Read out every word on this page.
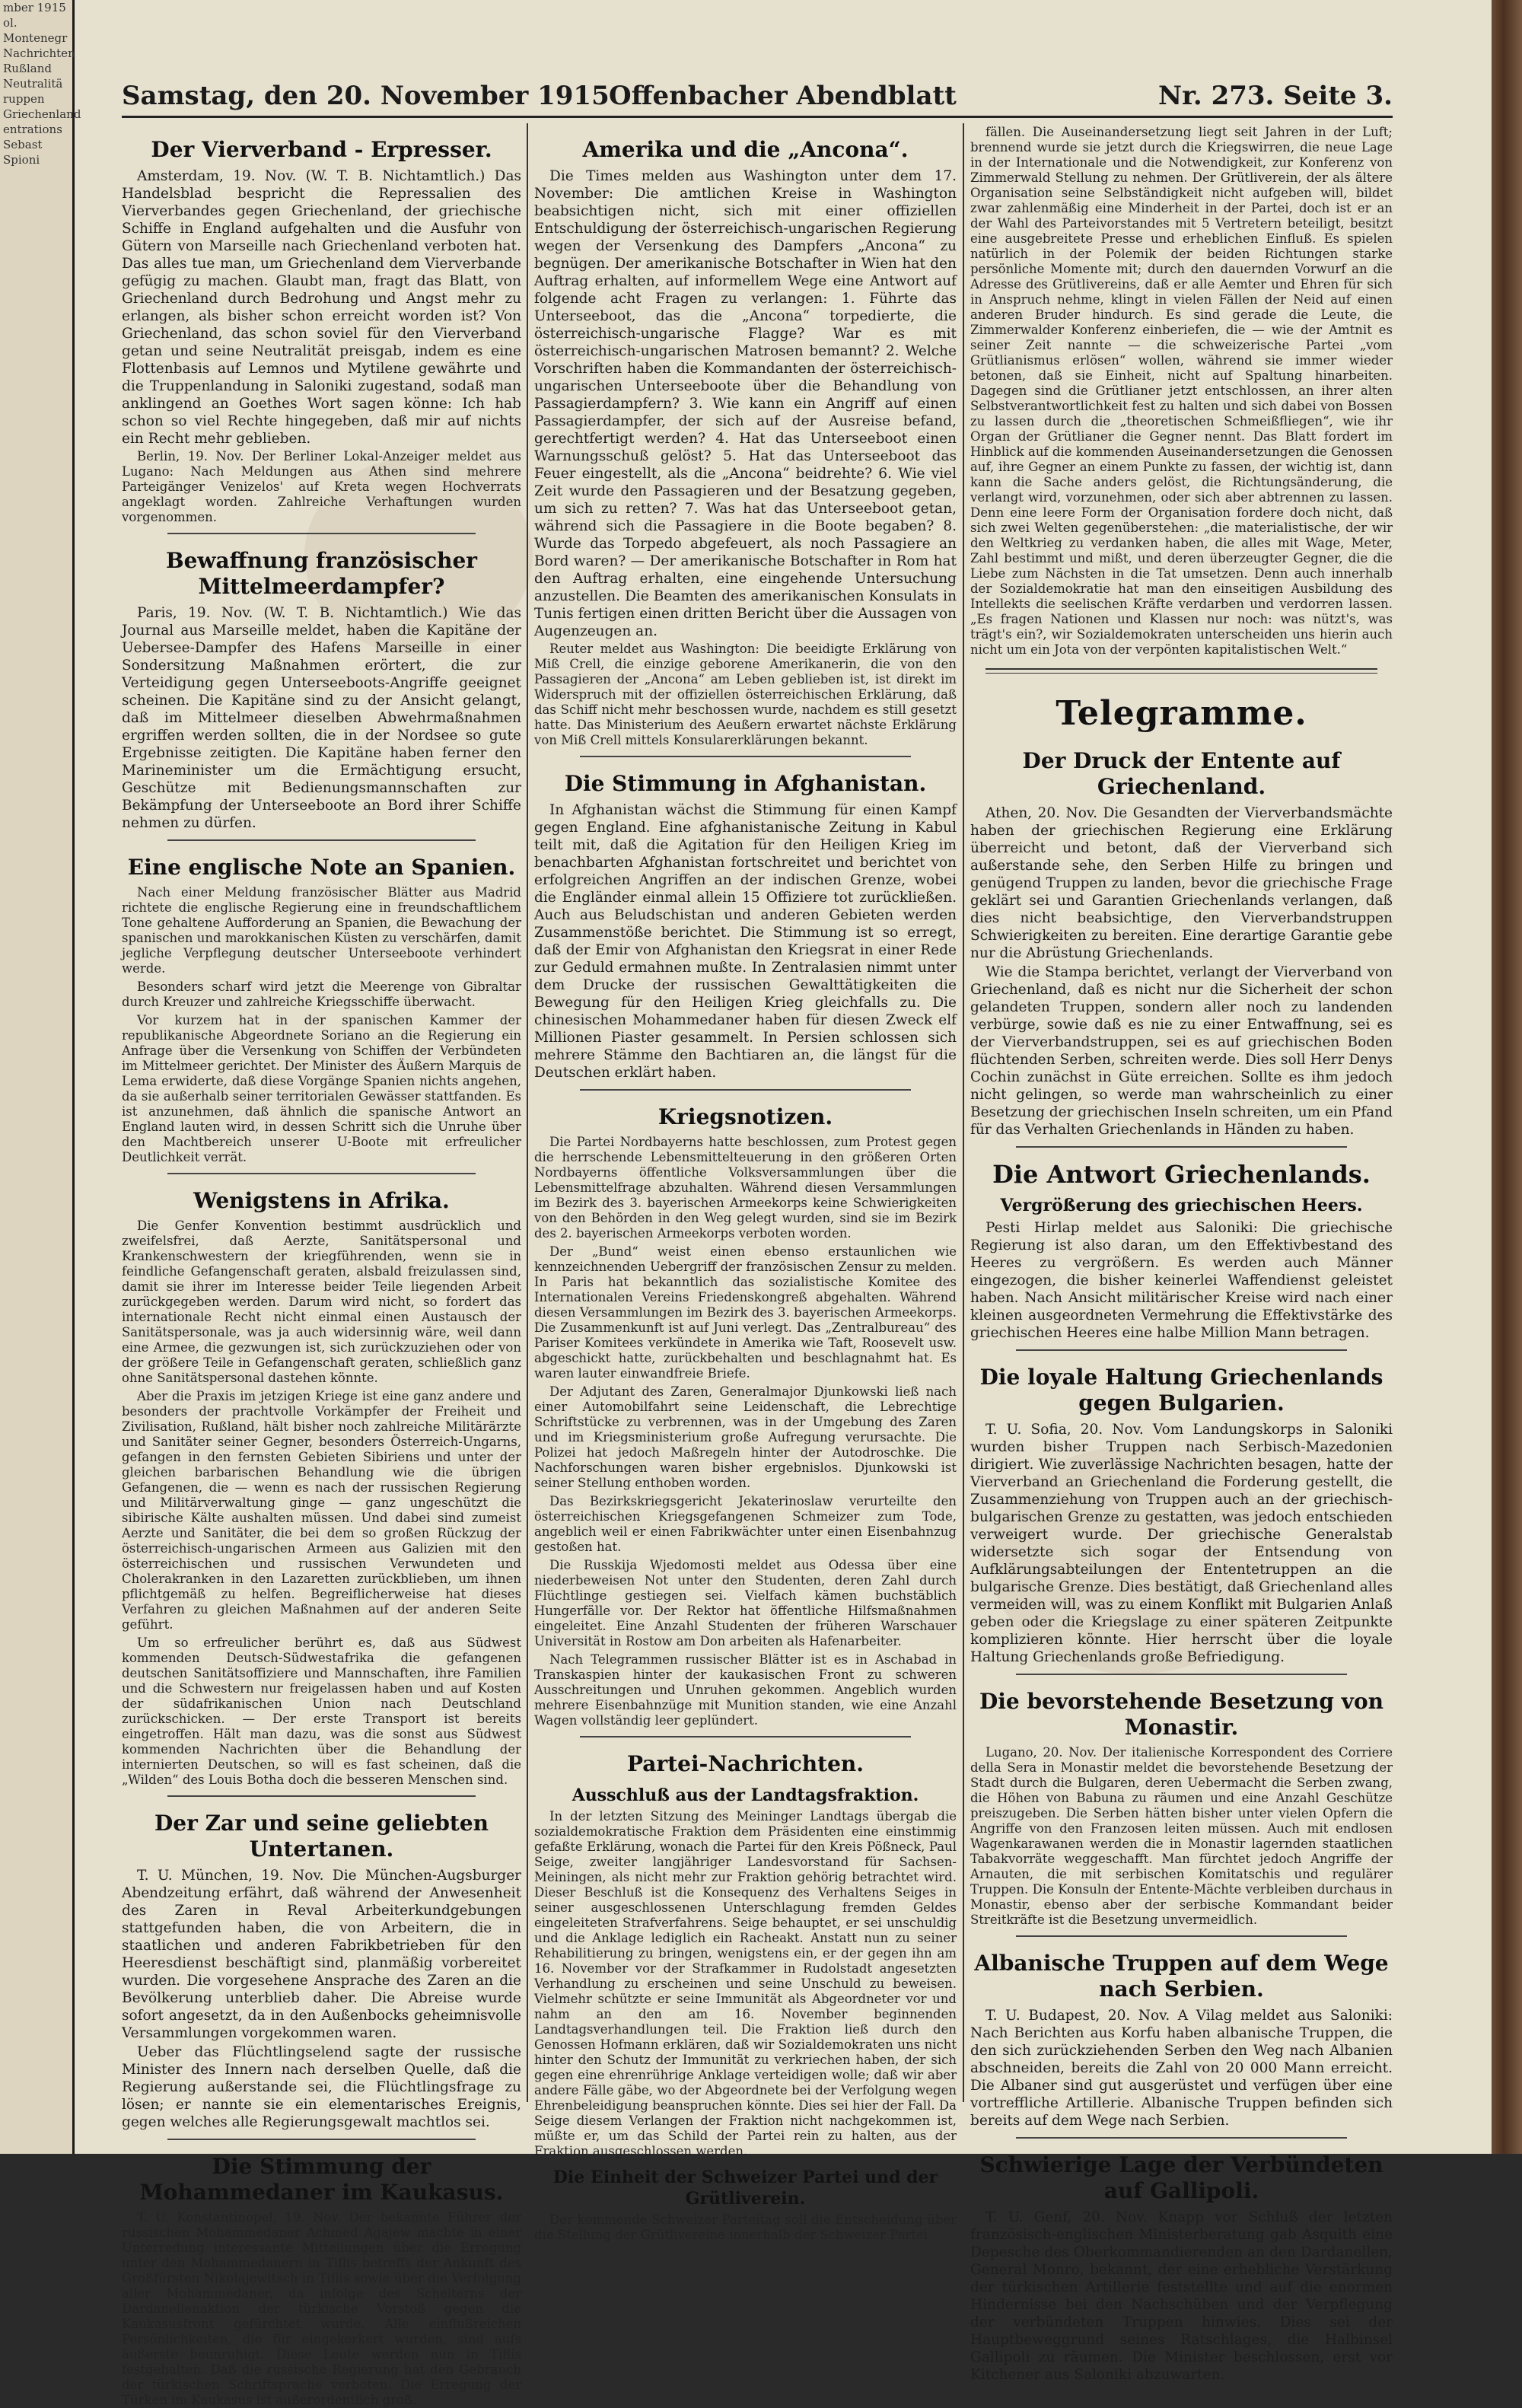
mber 1915

ol.

Montenegr

Nachrichten

Rußland

Neutralitä

ruppen

Griechenland

entrations

Sebast

Spioni

Samstag, den 20. November 1915 Offenbacher Abendblatt	Nr. 273. Seite 3.
Der Vierverband - Erpresser.

Amsterdam, 19. Nov. (W. T. B. Nichtamtlich.) Das Handelsblad bespricht die Repressalien des Vierverbandes gegen Griechenland, der griechische Schiffe in England aufgehalten und die Ausfuhr von Gütern von Marseille nach Griechenland verboten hat. Das alles tue man, um Griechenland dem Vierverbande gefügig zu machen. Glaubt man, fragt das Blatt, von Griechenland durch Bedrohung und Angst mehr zu erlangen, als bisher schon erreicht worden ist? Von Griechenland, das schon soviel für den Vierverband getan und seine Neutralität preisgab, indem es eine Flottenbasis auf Lemnos und Mytilene gewährte und die Truppenlandung in Saloniki zugestand, sodaß man anklingend an Goethes Wort sagen könne: Ich hab schon so viel Rechte hingegeben, daß mir auf nichts ein Recht mehr geblieben.

Berlin, 19. Nov. Der Berliner Lokal-Anzeiger meldet aus Lugano: Nach Meldungen aus Athen sind mehrere Parteigänger Venizelos' auf Kreta wegen Hochverrats angeklagt worden. Zahlreiche Verhaftungen wurden vorgenommen.

Bewaffnung französischer Mittelmeerdampfer?

Paris, 19. Nov. (W. T. B. Nichtamtlich.) Wie das Journal aus Marseille meldet, haben die Kapitäne der Uebersee-Dampfer des Hafens Marseille in einer Sondersitzung Maßnahmen erörtert, die zur Verteidigung gegen Unterseeboots-Angriffe geeignet scheinen. Die Kapitäne sind zu der Ansicht gelangt, daß im Mittelmeer dieselben Abwehrmaßnahmen ergriffen werden sollten, die in der Nordsee so gute Ergebnisse zeitigten. Die Kapitäne haben ferner den Marineminister um die Ermächtigung ersucht, Geschütze mit Bedienungsmannschaften zur Bekämpfung der Unterseeboote an Bord ihrer Schiffe nehmen zu dürfen.

Eine englische Note an Spanien.

Nach einer Meldung französischer Blätter aus Madrid richtete die englische Regierung eine in freundschaftlichem Tone gehaltene Aufforderung an Spanien, die Bewachung der spanischen und marokkanischen Küsten zu verschärfen, damit jegliche Verpflegung deutscher Unterseeboote verhindert werde.

Besonders scharf wird jetzt die Meerenge von Gibraltar durch Kreuzer und zahlreiche Kriegsschiffe überwacht.

Vor kurzem hat in der spanischen Kammer der republikanische Abgeordnete Soriano an die Regierung ein Anfrage über die Versenkung von Schiffen der Verbündeten im Mittelmeer gerichtet. Der Minister des Äußern Marquis de Lema erwiderte, daß diese Vorgänge Spanien nichts angehen, da sie außerhalb seiner territorialen Gewässer stattfanden. Es ist anzunehmen, daß ähnlich die spanische Antwort an England lauten wird, in dessen Schritt sich die Unruhe über den Machtbereich unserer U-Boote mit erfreulicher Deutlichkeit verrät.

Wenigstens in Afrika.

Die Genfer Konvention bestimmt ausdrücklich und zweifelsfrei, daß Aerzte, Sanitätspersonal und Krankenschwestern der kriegführenden, wenn sie in feindliche Gefangenschaft geraten, alsbald freizulassen sind, damit sie ihrer im Interesse beider Teile liegenden Arbeit zurückgegeben werden. Darum wird nicht, so fordert das internationale Recht nicht einmal einen Austausch der Sanitätspersonale, was ja auch widersinnig wäre, weil dann eine Armee, die gezwungen ist, sich zurückzuziehen oder von der größere Teile in Gefangenschaft geraten, schließlich ganz ohne Sanitätspersonal dastehen könnte.

Aber die Praxis im jetzigen Kriege ist eine ganz andere und besonders der prachtvolle Vorkämpfer der Freiheit und Zivilisation, Rußland, hält bisher noch zahlreiche Militärärzte und Sanitäter seiner Gegner, besonders Österreich-Ungarns, gefangen in den fernsten Gebieten Sibiriens und unter der gleichen barbarischen Behandlung wie die übrigen Gefangenen, die — wenn es nach der russischen Regierung und Militärverwaltung ginge — ganz ungeschützt die sibirische Kälte aushalten müssen. Und dabei sind zumeist Aerzte und Sanitäter, die bei dem so großen Rückzug der österreichisch-ungarischen Armeen aus Galizien mit den österreichischen und russischen Verwundeten und Cholerakranken in den Lazaretten zurückblieben, um ihnen pflichtgemäß zu helfen. Begreiflicherweise hat dieses Verfahren zu gleichen Maßnahmen auf der anderen Seite geführt.

Um so erfreulicher berührt es, daß aus Südwest kommenden Deutsch-Südwestafrika die gefangenen deutschen Sanitätsoffiziere und Mannschaften, ihre Familien und die Schwestern nur freigelassen haben und auf Kosten der südafrikanischen Union nach Deutschland zurückschicken. — Der erste Transport ist bereits eingetroffen. Hält man dazu, was die sonst aus Südwest kommenden Nachrichten über die Behandlung der internierten Deutschen, so will es fast scheinen, daß die „Wilden“ des Louis Botha doch die besseren Menschen sind.

Der Zar und seine geliebten Untertanen.

T. U. München, 19. Nov. Die München-Augsburger Abendzeitung erfährt, daß während der Anwesenheit des Zaren in Reval Arbeiterkundgebungen stattgefunden haben, die von Arbeitern, die in staatlichen und anderen Fabrikbetrieben für den Heeresdienst beschäftigt sind, planmäßig vorbereitet wurden. Die vorgesehene Ansprache des Zaren an die Bevölkerung unterblieb daher. Die Abreise wurde sofort angesetzt, da in den Außenbocks geheimnisvolle Versammlungen vorgekommen waren.

Ueber das Flüchtlingselend sagte der russische Minister des Innern nach derselben Quelle, daß die Regierung außerstande sei, die Flüchtlingsfrage zu lösen; er nannte sie ein elementarisches Ereignis, gegen welches alle Regierungsgewalt machtlos sei.

Die Stimmung der Mohammedaner im Kaukasus.

T. U. Konstantinopel, 19. Nov. Der bekannte Führer der russischen Mohammedaner Achmed Agajew machte in einer Unterredung interessante Mitteilungen über die Erregung unter den Mohammedanern in Tiflis betreffs der Ankunft des Großfürsten Nikolajewitsch in Tiflis sowie über die Verfolgung aller Mohammedaner, da infolge des Scheiterns der Dardanellenaktion der türkische Vorstoß gegen die Kaukasusfront gefürchtet wurde. Alle einflußreichen Persönlichkeiten, die für eingekerkert wurden, sind aufs äußerste beunruhigt. Diese Leute werden nun in Tiflis festgehalten. Daß die russische Regierung hat den Gebrauch der türkischen Schriftsprache verboten. Die Erregung der Türken im Kaukasus ist außerordentlich groß.

Amerika und die „Ancona“.

Die Times melden aus Washington unter dem 17. November: Die amtlichen Kreise in Washington beabsichtigen nicht, sich mit einer offiziellen Entschuldigung der österreichisch-ungarischen Regierung wegen der Versenkung des Dampfers „Ancona“ zu begnügen. Der amerikanische Botschafter in Wien hat den Auftrag erhalten, auf informellem Wege eine Antwort auf folgende acht Fragen zu verlangen: 1. Führte das Unterseeboot, das die „Ancona“ torpedierte, die österreichisch-ungarische Flagge? War es mit österreichisch-ungarischen Matrosen bemannt? 2. Welche Vorschriften haben die Kommandanten der österreichisch-ungarischen Unterseeboote über die Behandlung von Passagierdampfern? 3. Wie kann ein Angriff auf einen Passagierdampfer, der sich auf der Ausreise befand, gerechtfertigt werden? 4. Hat das Unterseeboot einen Warnungsschuß gelöst? 5. Hat das Unterseeboot das Feuer eingestellt, als die „Ancona“ beidrehte? 6. Wie viel Zeit wurde den Passagieren und der Besatzung gegeben, um sich zu retten? 7. Was hat das Unterseeboot getan, während sich die Passagiere in die Boote begaben? 8. Wurde das Torpedo abgefeuert, als noch Passagiere an Bord waren? — Der amerikanische Botschafter in Rom hat den Auftrag erhalten, eine eingehende Untersuchung anzustellen. Die Beamten des amerikanischen Konsulats in Tunis fertigen einen dritten Bericht über die Aussagen von Augenzeugen an.

Reuter meldet aus Washington: Die beeidigte Erklärung von Miß Crell, die einzige geborene Amerikanerin, die von den Passagieren der „Ancona“ am Leben geblieben ist, ist direkt im Widerspruch mit der offiziellen österreichischen Erklärung, daß das Schiff nicht mehr beschossen wurde, nachdem es still gesetzt hatte. Das Ministerium des Aeußern erwartet nächste Erklärung von Miß Crell mittels Konsularerklärungen bekannt.

Die Stimmung in Afghanistan.

In Afghanistan wächst die Stimmung für einen Kampf gegen England. Eine afghanistanische Zeitung in Kabul teilt mit, daß die Agitation für den Heiligen Krieg im benachbarten Afghanistan fortschreitet und berichtet von erfolgreichen Angriffen an der indischen Grenze, wobei die Engländer einmal allein 15 Offiziere tot zurückließen. Auch aus Beludschistan und anderen Gebieten werden Zusammenstöße berichtet. Die Stimmung ist so erregt, daß der Emir von Afghanistan den Kriegsrat in einer Rede zur Geduld ermahnen mußte. In Zentralasien nimmt unter dem Drucke der russischen Gewalttätigkeiten die Bewegung für den Heiligen Krieg gleichfalls zu. Die chinesischen Mohammedaner haben für diesen Zweck elf Millionen Piaster gesammelt. In Persien schlossen sich mehrere Stämme den Bachtiaren an, die längst für die Deutschen erklärt haben.

Kriegsnotizen.

Die Partei Nordbayerns hatte beschlossen, zum Protest gegen die herrschende Lebensmittelteuerung in den größeren Orten Nordbayerns öffentliche Volksversammlungen über die Lebensmittelfrage abzuhalten. Während diesen Versammlungen im Bezirk des 3. bayerischen Armeekorps keine Schwierigkeiten von den Behörden in den Weg gelegt wurden, sind sie im Bezirk des 2. bayerischen Armeekorps verboten worden.

Der „Bund“ weist einen ebenso erstaunlichen wie kennzeichnenden Uebergriff der französischen Zensur zu melden. In Paris hat bekanntlich das sozialistische Komitee des Internationalen Vereins Friedenskongreß abgehalten. Während diesen Versammlungen im Bezirk des 3. bayerischen Armeekorps. Die Zusammenkunft ist auf Juni verlegt. Das „Zentralbureau“ des Pariser Komitees verkündete in Amerika wie Taft, Roosevelt usw. abgeschickt hatte, zurückbehalten und beschlagnahmt hat. Es waren lauter einwandfreie Briefe.

Der Adjutant des Zaren, Generalmajor Djunkowski ließ nach einer Automobilfahrt seine Leidenschaft, die Lebrechtige Schriftstücke zu verbrennen, was in der Umgebung des Zaren und im Kriegsministerium große Aufregung verursachte. Die Polizei hat jedoch Maßregeln hinter der Autodroschke. Die Nachforschungen waren bisher ergebnislos. Djunkowski ist seiner Stellung enthoben worden.

Das Bezirkskriegsgericht Jekaterinoslaw verurteilte den österreichischen Kriegsgefangenen Schmeizer zum Tode, angeblich weil er einen Fabrikwächter unter einen Eisenbahnzug gestoßen hat.

Die Russkija Wjedomosti meldet aus Odessa über eine niederbeweisen Not unter den Studenten, deren Zahl durch Flüchtlinge gestiegen sei. Vielfach kämen buchstäblich Hungerfälle vor. Der Rektor hat öffentliche Hilfsmaßnahmen eingeleitet. Eine Anzahl Studenten der früheren Warschauer Universität in Rostow am Don arbeiten als Hafenarbeiter.

Nach Telegrammen russischer Blätter ist es in Aschabad in Transkaspien hinter der kaukasischen Front zu schweren Ausschreitungen und Unruhen gekommen. Angeblich wurden mehrere Eisenbahnzüge mit Munition standen, wie eine Anzahl Wagen vollständig leer geplündert.

Partei-Nachrichten.
Ausschluß aus der Landtagsfraktion.

In der letzten Sitzung des Meininger Landtags übergab die sozialdemokratische Fraktion dem Präsidenten eine einstimmig gefaßte Erklärung, wonach die Partei für den Kreis Pößneck, Paul Seige, zweiter langjähriger Landesvorstand für Sachsen-Meiningen, als nicht mehr zur Fraktion gehörig betrachtet wird. Dieser Beschluß ist die Konsequenz des Verhaltens Seiges in seiner ausgeschlossenen Unterschlagung fremden Geldes eingeleiteten Strafverfahrens. Seige behauptet, er sei unschuldig und die Anklage lediglich ein Racheakt. Anstatt nun zu seiner Rehabilitierung zu bringen, wenigstens ein, er der gegen ihn am 16. November vor der Strafkammer in Rudolstadt angesetzten Verhandlung zu erscheinen und seine Unschuld zu beweisen. Vielmehr schützte er seine Immunität als Abgeordneter vor und nahm an den am 16. November beginnenden Landtagsverhandlungen teil. Die Fraktion ließ durch den Genossen Hofmann erklären, daß wir Sozialdemokraten uns nicht hinter den Schutz der Immunität zu verkriechen haben, der sich gegen eine ehrenrührige Anklage verteidigen wolle; daß wir aber andere Fälle gäbe, wo der Abgeordnete bei der Verfolgung wegen Ehrenbeleidigung beanspruchen könnte. Dies sei hier der Fall. Da Seige diesem Verlangen der Fraktion nicht nachgekommen ist, müßte er, um das Schild der Partei rein zu halten, aus der Fraktion ausgeschlossen werden.

Die Einheit der Schweizer Partei und der Grütliverein.

Der kommende Schweizer Parteitag soll die Entscheidung über die Stellung der Grütlivereine innerhalb der Schweizer Partei

fällen. Die Auseinandersetzung liegt seit Jahren in der Luft; brennend wurde sie jetzt durch die Kriegswirren, die neue Lage in der Internationale und die Notwendigkeit, zur Konferenz von Zimmerwald Stellung zu nehmen. Der Grütliverein, der als ältere Organisation seine Selbständigkeit nicht aufgeben will, bildet zwar zahlenmäßig eine Minderheit in der Partei, doch ist er an der Wahl des Parteivorstandes mit 5 Vertretern beteiligt, besitzt eine ausgebreitete Presse und erheblichen Einfluß. Es spielen natürlich in der Polemik der beiden Richtungen starke persönliche Momente mit; durch den dauernden Vorwurf an die Adresse des Grütlivereins, daß er alle Aemter und Ehren für sich in Anspruch nehme, klingt in vielen Fällen der Neid auf einen anderen Bruder hindurch. Es sind gerade die Leute, die Zimmerwalder Konferenz einberiefen, die — wie der Amtnit es seiner Zeit nannte — die schweizerische Partei „vom Grütlianismus erlösen“ wollen, während sie immer wieder betonen, daß sie Einheit, nicht auf Spaltung hinarbeiten. Dagegen sind die Grütlianer jetzt entschlossen, an ihrer alten Selbstverantwortlichkeit fest zu halten und sich dabei von Bossen zu lassen durch die „theoretischen Schmeißfliegen“, wie ihr Organ der Grütlianer die Gegner nennt. Das Blatt fordert im Hinblick auf die kommenden Auseinandersetzungen die Genossen auf, ihre Gegner an einem Punkte zu fassen, der wichtig ist, dann kann die Sache anders gelöst, die Richtungsänderung, die verlangt wird, vorzunehmen, oder sich aber abtrennen zu lassen. Denn eine leere Form der Organisation fordere doch nicht, daß sich zwei Welten gegenüberstehen: „die materialistische, der wir den Weltkrieg zu verdanken haben, die alles mit Wage, Meter, Zahl bestimmt und mißt, und deren überzeugter Gegner, die die Liebe zum Nächsten in die Tat umsetzen. Denn auch innerhalb der Sozialdemokratie hat man den einseitigen Ausbildung des Intellekts die seelischen Kräfte verdarben und verdorren lassen. „Es fragen Nationen und Klassen nur noch: was nützt's, was trägt's ein?, wir Sozialdemokraten unterscheiden uns hierin auch nicht um ein Jota von der verpönten kapitalistischen Welt.“

Telegramme.
Der Druck der Entente auf Griechenland.

Athen, 20. Nov. Die Gesandten der Vierverbandsmächte haben der griechischen Regierung eine Erklärung überreicht und betont, daß der Vierverband sich außerstande sehe, den Serben Hilfe zu bringen und genügend Truppen zu landen, bevor die griechische Frage geklärt sei und Garantien Griechenlands verlangen, daß dies nicht beabsichtige, den Vierverbandstruppen Schwierigkeiten zu bereiten. Eine derartige Garantie gebe nur die Abrüstung Griechenlands.

Wie die Stampa berichtet, verlangt der Vierverband von Griechenland, daß es nicht nur die Sicherheit der schon gelandeten Truppen, sondern aller noch zu landenden verbürge, sowie daß es nie zu einer Entwaffnung, sei es der Vierverbandstruppen, sei es auf griechischen Boden flüchtenden Serben, schreiten werde. Dies soll Herr Denys Cochin zunächst in Güte erreichen. Sollte es ihm jedoch nicht gelingen, so werde man wahrscheinlich zu einer Besetzung der griechischen Inseln schreiten, um ein Pfand für das Verhalten Griechenlands in Händen zu haben.

Die Antwort Griechenlands.
Vergrößerung des griechischen Heers.

Pesti Hirlap meldet aus Saloniki: Die griechische Regierung ist also daran, um den Effektivbestand des Heeres zu vergrößern. Es werden auch Männer eingezogen, die bisher keinerlei Waffendienst geleistet haben. Nach Ansicht militärischer Kreise wird nach einer kleinen ausgeordneten Vermehrung die Effektivstärke des griechischen Heeres eine halbe Million Mann betragen.

Die loyale Haltung Griechenlands gegen Bulgarien.

T. U. Sofia, 20. Nov. Vom Landungskorps in Saloniki wurden bisher Truppen nach Serbisch-Mazedonien dirigiert. Wie zuverlässige Nachrichten besagen, hatte der Vierverband an Griechenland die Forderung gestellt, die Zusammenziehung von Truppen auch an der griechisch-bulgarischen Grenze zu gestatten, was jedoch entschieden verweigert wurde. Der griechische Generalstab widersetzte sich sogar der Entsendung von Aufklärungsabteilungen der Ententetruppen an die bulgarische Grenze. Dies bestätigt, daß Griechenland alles vermeiden will, was zu einem Konflikt mit Bulgarien Anlaß geben oder die Kriegslage zu einer späteren Zeitpunkte komplizieren könnte. Hier herrscht über die loyale Haltung Griechenlands große Befriedigung.

Die bevorstehende Besetzung von Monastir.

Lugano, 20. Nov. Der italienische Korrespondent des Corriere della Sera in Monastir meldet die bevorstehende Besetzung der Stadt durch die Bulgaren, deren Uebermacht die Serben zwang, die Höhen von Babuna zu räumen und eine Anzahl Geschütze preiszugeben. Die Serben hätten bisher unter vielen Opfern die Angriffe von den Franzosen leiten müssen. Auch mit endlosen Wagenkarawanen werden die in Monastir lagernden staatlichen Tabakvorräte weggeschafft. Man fürchtet jedoch Angriffe der Arnauten, die mit serbischen Komitatschis und regulärer Truppen. Die Konsuln der Entente-Mächte verbleiben durchaus in Monastir, ebenso aber der serbische Kommandant beider Streitkräfte ist die Besetzung unvermeidlich.

Albanische Truppen auf dem Wege nach Serbien.

T. U. Budapest, 20. Nov. A Vilag meldet aus Saloniki: Nach Berichten aus Korfu haben albanische Truppen, die den sich zurückziehenden Serben den Weg nach Albanien abschneiden, bereits die Zahl von 20 000 Mann erreicht. Die Albaner sind gut ausgerüstet und verfügen über eine vortreffliche Artillerie. Albanische Truppen befinden sich bereits auf dem Wege nach Serbien.

Schwierige Lage der Verbündeten auf Gallipoli.

T. U. Genf, 20. Nov. Knapp vor Schluß der letzten französisch-englischen Ministerberatung gab Asquith eine Depesche des Oberkommandierenden an den Dardanellen, General Monro, bekannt, der eine erhebliche Verstärkung der türkischen Artillerie feststellte und auf die enormen Hindernisse bei den Nachschüben und der Verpflegung der verbündeten Truppen hinwies. Dies sei der Hauptbeweggrund seines Ratschlages, die Halbinsel Gallipoli zu räumen. Die Minister beschlossen, erst vor Kitchener aus Saloniki abzuwarten.
